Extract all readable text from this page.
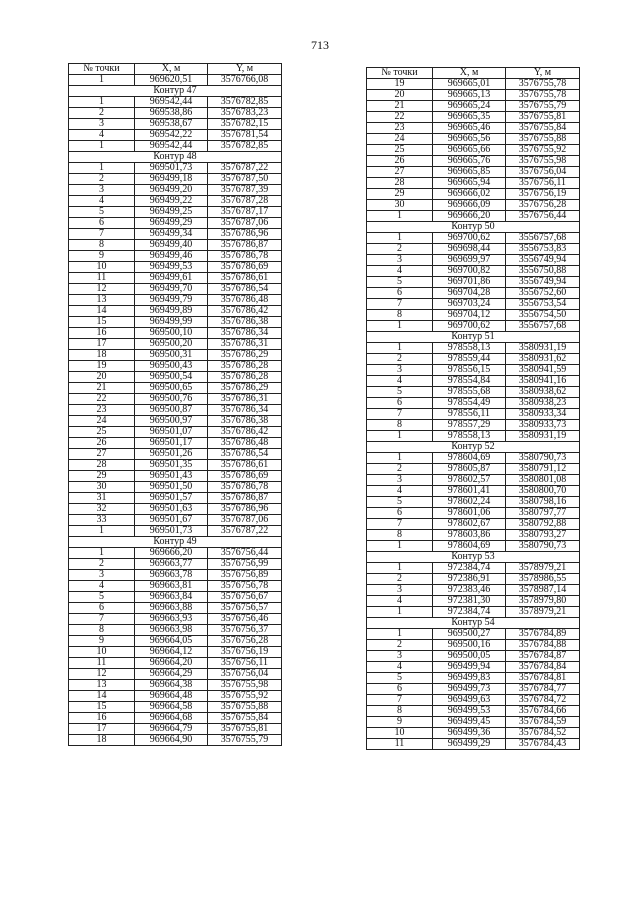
713
№ точки	Х, м	Y, м
1	969620,51	3576766,08
Контур 47		
1	969542,44	3576782,85
2	969538,86	3576783,23
3	969538,67	3576782,15
4	969542,22	3576781,54
1	969542,44	3576782,85
Контур 48		
1	969501,73	3576787,22
2	969499,18	3576787,50
3	969499,20	3576787,39
4	969499,22	3576787,28
5	969499,25	3576787,17
6	969499,29	3576787,06
7	969499,34	3576786,96
8	969499,40	3576786,87
9	969499,46	3576786,78
10	969499,53	3576786,69
11	969499,61	3576786,61
12	969499,70	3576786,54
13	969499,79	3576786,48
14	969499,89	3576786,42
15	969499,99	3576786,38
16	969500,10	3576786,34
17	969500,20	3576786,31
18	969500,31	3576786,29
19	969500,43	3576786,28
20	969500,54	3576786,28
21	969500,65	3576786,29
22	969500,76	3576786,31
23	969500,87	3576786,34
24	969500,97	3576786,38
25	969501,07	3576786,42
26	969501,17	3576786,48
27	969501,26	3576786,54
28	969501,35	3576786,61
29	969501,43	3576786,69
30	969501,50	3576786,78
31	969501,57	3576786,87
32	969501,63	3576786,96
33	969501,67	3576787,06
1	969501,73	3576787,22
Контур 49		
1	969666,20	3576756,44
2	969663,77	3576756,99
3	969663,78	3576756,89
4	969663,81	3576756,78
5	969663,84	3576756,67
6	969663,88	3576756,57
7	969663,93	3576756,46
8	969663,98	3576756,37
9	969664,05	3576756,28
10	969664,12	3576756,19
11	969664,20	3576756,11
12	969664,29	3576756,04
13	969664,38	3576755,98
14	969664,48	3576755,92
15	969664,58	3576755,88
16	969664,68	3576755,84
17	969664,79	3576755,81
18	969664,90	3576755,79
№ точки	Х, м	Y, м
19	969665,01	3576755,78
20	969665,13	3576755,78
21	969665,24	3576755,79
22	969665,35	3576755,81
23	969665,46	3576755,84
24	969665,56	3576755,88
25	969665,66	3576755,92
26	969665,76	3576755,98
27	969665,85	3576756,04
28	969665,94	3576756,11
29	969666,02	3576756,19
30	969666,09	3576756,28
1	969666,20	3576756,44
Контур 50		
1	969700,62	3556757,68
2	969698,44	3556753,83
3	969699,97	3556749,94
4	969700,82	3556750,88
5	969701,86	3556749,94
6	969704,28	3556752,60
7	969703,24	3556753,54
8	969704,12	3556754,50
1	969700,62	3556757,68
Контур 51		
1	978558,13	3580931,19
2	978559,44	3580931,62
3	978556,15	3580941,59
4	978554,84	3580941,16
5	978555,68	3580938,62
6	978554,49	3580938,23
7	978556,11	3580933,34
8	978557,29	3580933,73
1	978558,13	3580931,19
Контур 52		
1	978604,69	3580790,73
2	978605,87	3580791,12
3	978602,57	3580801,08
4	978601,41	3580800,70
5	978602,24	3580798,16
6	978601,06	3580797,77
7	978602,67	3580792,88
8	978603,86	3580793,27
1	978604,69	3580790,73
Контур 53		
1	972384,74	3578979,21
2	972386,91	3578986,55
3	972383,46	3578987,14
4	972381,30	3578979,80
1	972384,74	3578979,21
Контур 54		
1	969500,27	3576784,89
2	969500,16	3576784,88
3	969500,05	3576784,87
4	969499,94	3576784,84
5	969499,83	3576784,81
6	969499,73	3576784,77
7	969499,63	3576784,72
8	969499,53	3576784,66
9	969499,45	3576784,59
10	969499,36	3576784,52
11	969499,29	3576784,43
